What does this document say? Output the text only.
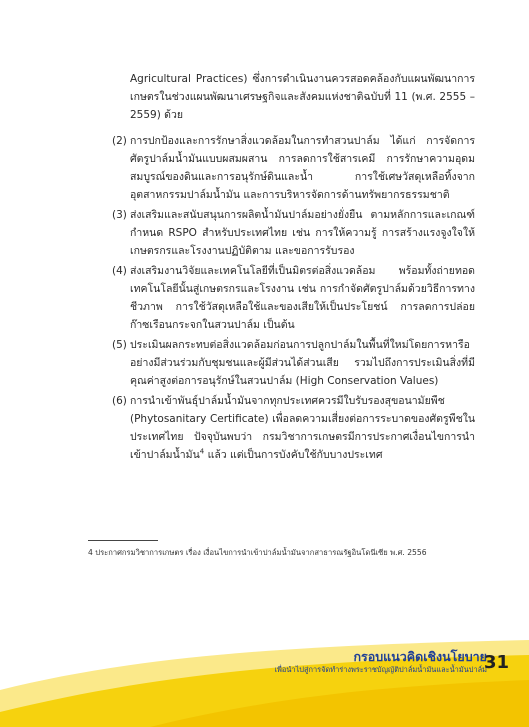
Agricultural Practices) ซึ่งการดำเนินงานควรสอดคล้องกับแผนพัฒนาการเกษตรในช่วงแผนพัฒนาเศรษฐกิจและสังคมแห่งชาติฉบับที่ 11 (พ.ศ. 2555 – 2559) ด้วย

(2) การปกป้องและการรักษาสิ่งแวดล้อมในการทำสวนปาล์ม ได้แก่ การจัดการศัตรูปาล์มน้ำมันแบบผสมผสาน การลดการใช้สารเคมี การรักษาความอุดมสมบูรณ์ของดินและการอนุรักษ์ดินและน้ำ การใช้เศษวัสดุเหลือทิ้งจากอุตสาหกรรมปาล์มน้ำมัน และการบริหารจัดการด้านทรัพยากรธรรมชาติ
(3) ส่งเสริมและสนับสนุนการผลิตน้ำมันปาล์มอย่างยั่งยืน ตามหลักการและเกณฑ์กำหนด RSPO สำหรับประเทศไทย เช่น การให้ความรู้ การสร้างแรงจูงใจให้เกษตรกรและโรงงานปฏิบัติตาม และขอการรับรอง
(4) ส่งเสริมงานวิจัยและเทคโนโลยีที่เป็นมิตรต่อสิ่งแวดล้อม พร้อมทั้งถ่ายทอดเทคโนโลยีนั้นสู่เกษตรกรและโรงงาน เช่น การกำจัดศัตรูปาล์มด้วยวิธีการทางชีวภาพ การใช้วัสดุเหลือใช้และของเสียให้เป็นประโยชน์ การลดการปล่อยก๊าซเรือนกระจกในสวนปาล์ม เป็นต้น
(5) ประเมินผลกระทบต่อสิ่งแวดล้อมก่อนการปลูกปาล์มในพื้นที่ใหม่โดยการหารือ อย่างมีส่วนร่วมกับชุมชนและผู้มีส่วนได้ส่วนเสีย รวมไปถึงการประเมินสิ่งที่มีคุณค่าสูงต่อการอนุรักษ์ในสวนปาล์ม (High Conservation Values)
(6) การนำเข้าพันธุ์ปาล์มน้ำมันจากทุกประเทศควรมีใบรับรองสุขอนามัยพืช (Phytosanitary Certificate) เพื่อลดความเสี่ยงต่อการระบาดของศัตรูพืชในประเทศไทย ปัจจุบันพบว่า กรมวิชาการเกษตรมีการประกาศเงื่อนไขการนำเข้าปาล์มน้ำมัน$^4$ แล้ว แต่เป็นการบังคับใช้กับบางประเทศ
4 ประกาศกรมวิชาการเกษตร เรื่อง เงื่อนไขการนำเข้าปาล์มน้ำมันจากสาธารณรัฐอินโดนีเซีย พ.ศ. 2556
กรอบแนวคิดเชิงนโยบาย
เพื่อนำไปสู่การจัดทำร่างพระราชบัญญัติปาล์มน้ำมันและน้ำมันปาล์ม
31
